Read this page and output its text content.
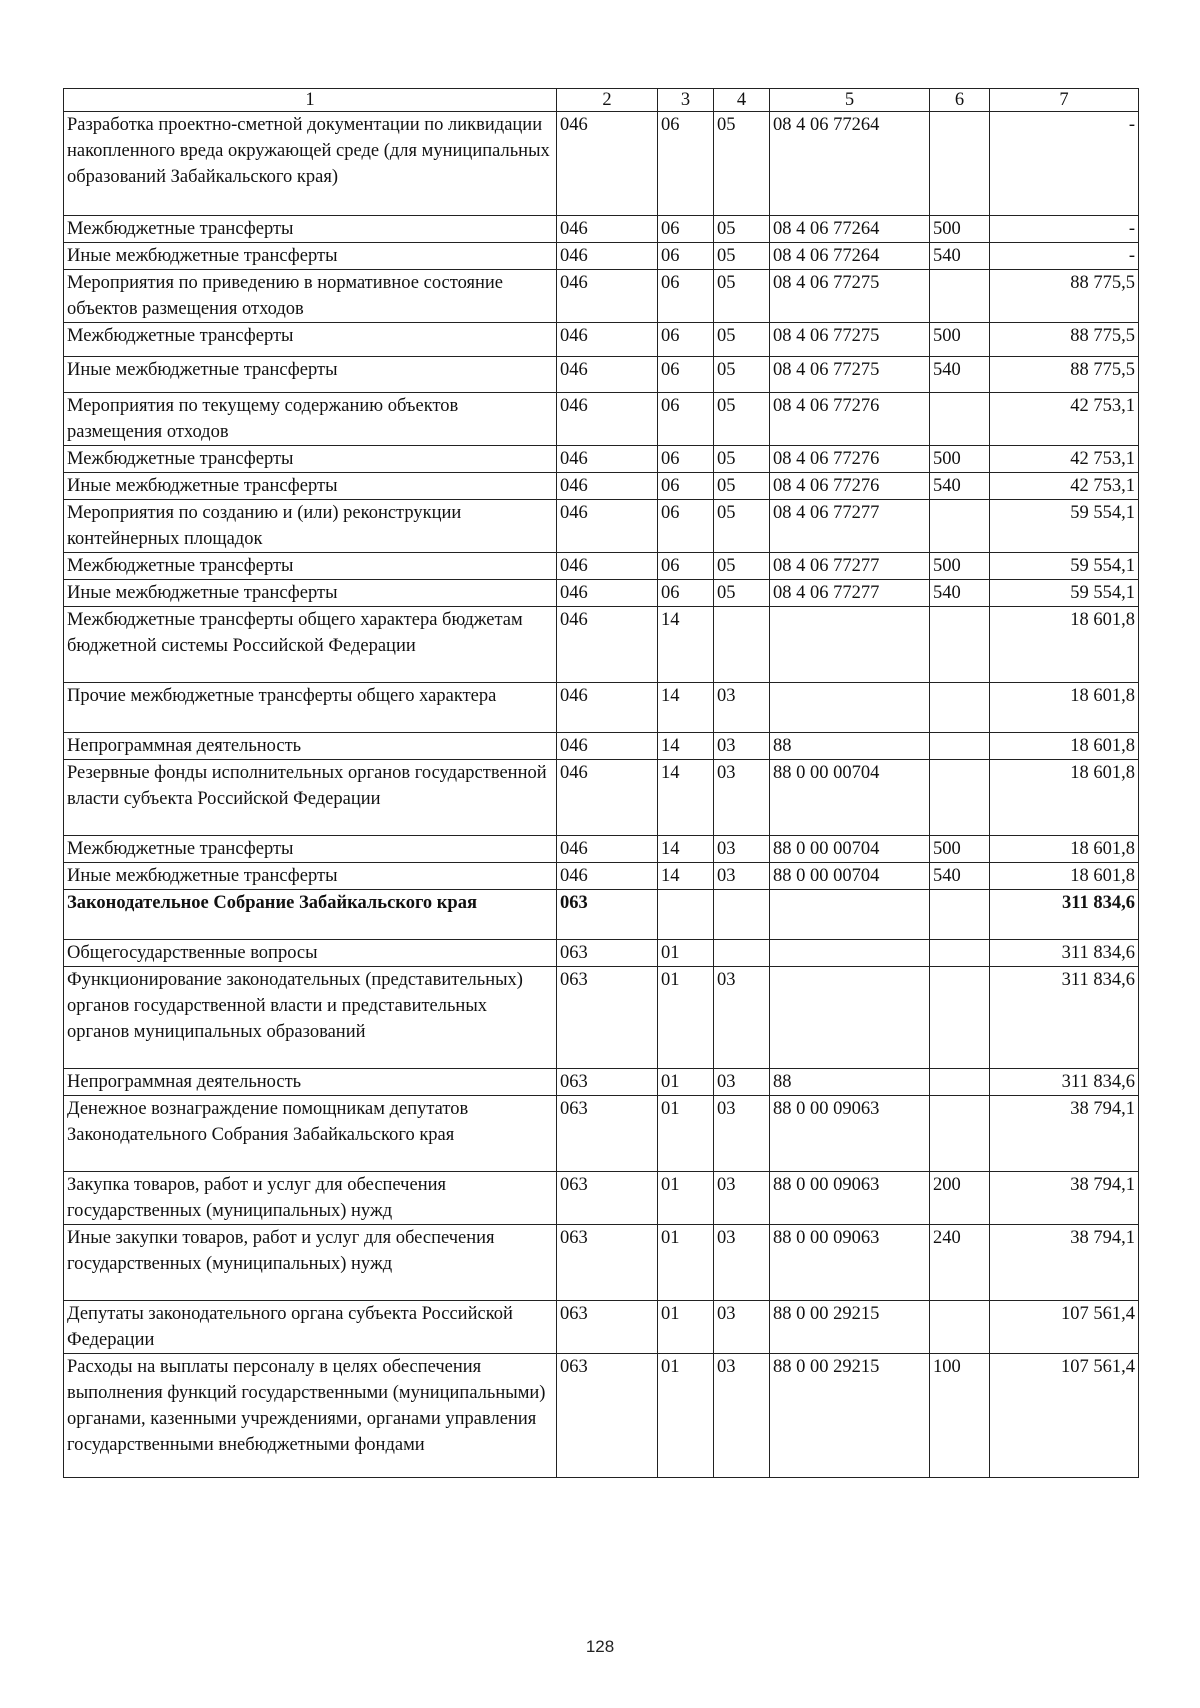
1	2	3	4	5	6	7
Разработка проектно-сметной документации по ликвидации накопленного вреда окружающей среде (для муниципальных образований Забайкальского края)	046	06	05	08 4 06 77264		-
Межбюджетные трансферты	046	06	05	08 4 06 77264	500	-
Иные межбюджетные трансферты	046	06	05	08 4 06 77264	540	-
Мероприятия по приведению в нормативное состояние объектов размещения отходов	046	06	05	08 4 06 77275		88 775,5
Межбюджетные трансферты	046	06	05	08 4 06 77275	500	88 775,5
Иные межбюджетные трансферты	046	06	05	08 4 06 77275	540	88 775,5
Мероприятия по текущему содержанию объектов размещения отходов	046	06	05	08 4 06 77276		42 753,1
Межбюджетные трансферты	046	06	05	08 4 06 77276	500	42 753,1
Иные межбюджетные трансферты	046	06	05	08 4 06 77276	540	42 753,1
Мероприятия по созданию и (или) реконструкции контейнерных площадок	046	06	05	08 4 06 77277		59 554,1
Межбюджетные трансферты	046	06	05	08 4 06 77277	500	59 554,1
Иные межбюджетные трансферты	046	06	05	08 4 06 77277	540	59 554,1
Межбюджетные трансферты общего характера бюджетам бюджетной системы Российской Федерации	046	14				18 601,8
Прочие межбюджетные трансферты общего характера	046	14	03			18 601,8
Непрограммная деятельность	046	14	03	88		18 601,8
Резервные фонды исполнительных органов государственной власти субъекта Российской Федерации	046	14	03	88 0 00 00704		18 601,8
Межбюджетные трансферты	046	14	03	88 0 00 00704	500	18 601,8
Иные межбюджетные трансферты	046	14	03	88 0 00 00704	540	18 601,8
Законодательное Собрание Забайкальского края	063					311 834,6
Общегосударственные вопросы	063	01				311 834,6
Функционирование законодательных (представительных) органов государственной власти и представительных органов муниципальных образований	063	01	03			311 834,6
Непрограммная деятельность	063	01	03	88		311 834,6
Денежное вознаграждение помощникам депутатов Законодательного Собрания Забайкальского края	063	01	03	88 0 00 09063		38 794,1
Закупка товаров, работ и услуг для обеспечения государственных (муниципальных) нужд	063	01	03	88 0 00 09063	200	38 794,1
Иные закупки товаров, работ и услуг для обеспечения государственных (муниципальных) нужд	063	01	03	88 0 00 09063	240	38 794,1
Депутаты законодательного органа субъекта Российской Федерации	063	01	03	88 0 00 29215		107 561,4
Расходы на выплаты персоналу в целях обеспечения выполнения функций государственными (муниципальными) органами, казенными учреждениями, органами управления государственными внебюджетными фондами	063	01	03	88 0 00 29215	100	107 561,4
128
